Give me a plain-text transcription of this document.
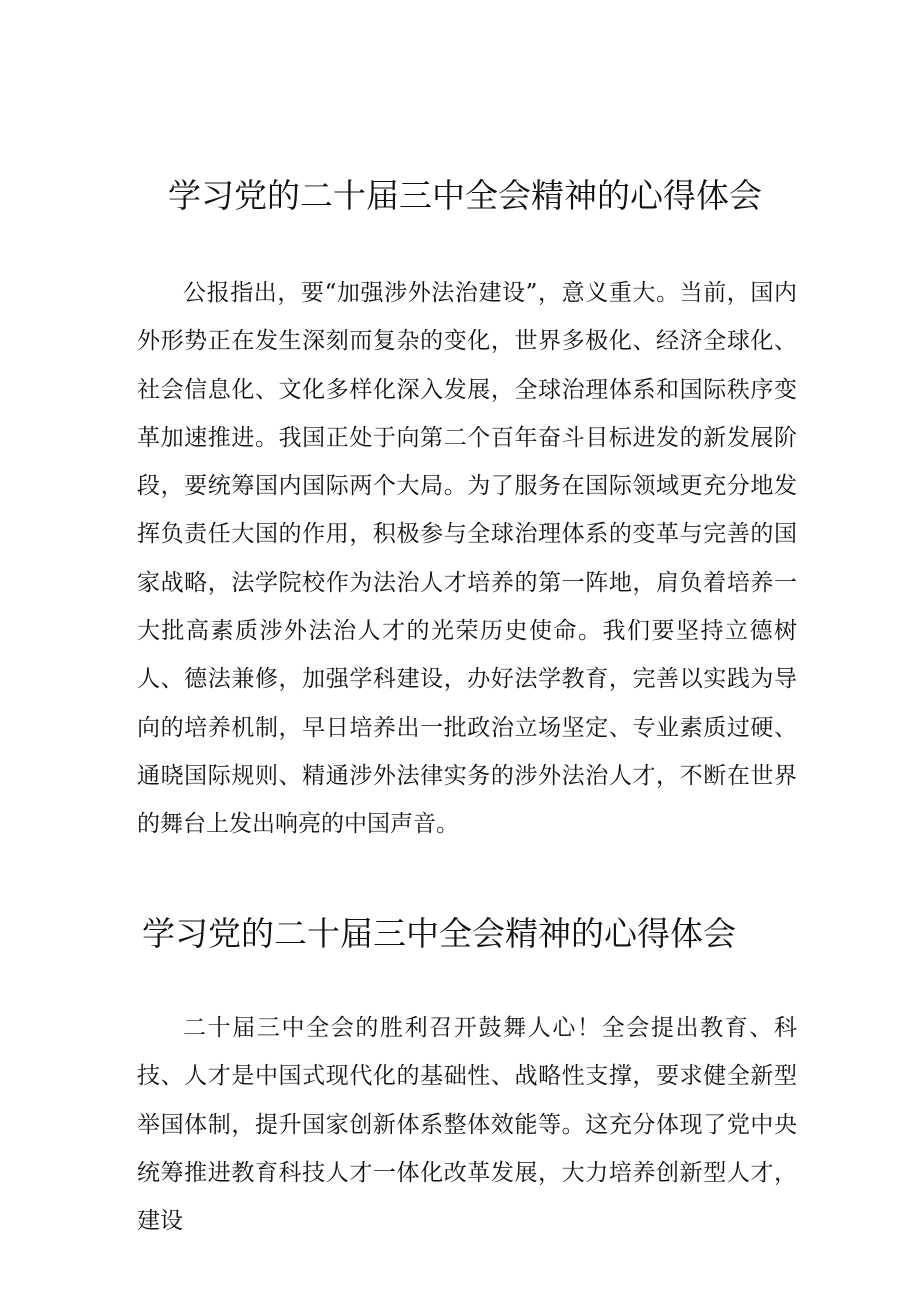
学习党的二十届三中全会精神的心得体会

公报指出，要“加强涉外法治建设”，意义重大。当前，国内外形势正在发生深刻而复杂的变化，世界多极化、经济全球化、社会信息化、文化多样化深入发展，全球治理体系和国际秩序变革加速推进。我国正处于向第二个百年奋斗目标进发的新发展阶段，要统筹国内国际两个大局。为了服务在国际领域更充分地发挥负责任大国的作用，积极参与全球治理体系的变革与完善的国家战略，法学院校作为法治人才培养的第一阵地，肩负着培养一大批高素质涉外法治人才的光荣历史使命。我们要坚持立德树人、德法兼修，加强学科建设，办好法学教育，完善以实践为导向的培养机制，早日培养出一批政治立场坚定、专业素质过硬、通晓国际规则、精通涉外法律实务的涉外法治人才，不断在世界的舞台上发出响亮的中国声音。

学习党的二十届三中全会精神的心得体会

二十届三中全会的胜利召开鼓舞人心！全会提出教育、科技、人才是中国式现代化的基础性、战略性支撑，要求健全新型举国体制，提升国家创新体系整体效能等。这充分体现了党中央统筹推进教育科技人才一体化改革发展，大力培养创新型人才，建设
